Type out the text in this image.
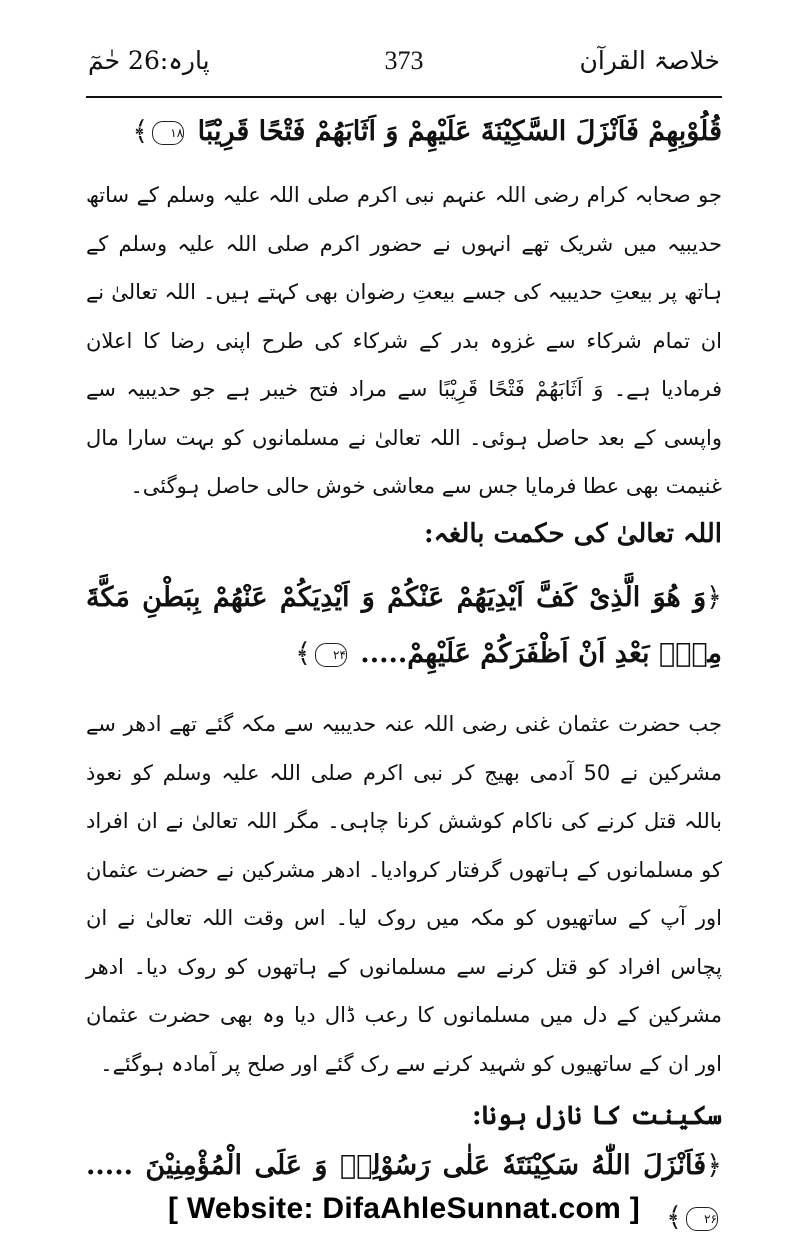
خلاصۃ القرآن
373
پارہ:26 حٰمٓ
قُلُوْبِهِمْ فَاَنْزَلَ السَّكِيْنَةَ عَلَيْهِمْ وَ اَثَابَهُمْ فَتْحًا قَرِيْبًا ۱۸﴾
جو صحابہ کرام رضی اللہ عنہم نبی اکرم صلی اللہ علیہ وسلم کے ساتھ حدیبیہ میں شریک تھے انہوں نے حضور اکرم صلی اللہ علیہ وسلم کے ہاتھ پر بیعتِ حدیبیہ کی جسے بیعتِ رضوان بھی کہتے ہیں۔ اللہ تعالیٰ نے ان تمام شرکاء سے غزوہ بدر کے شرکاء کی طرح اپنی رضا کا اعلان فرمادیا ہے۔ وَ اَثَابَهُمْ فَتْحًا قَرِيْبًا سے مراد فتح خیبر ہے جو حدیبیہ سے واپسی کے بعد حاصل ہوئی۔ اللہ تعالیٰ نے مسلمانوں کو بہت سارا مال غنیمت بھی عطا فرمایا جس سے معاشی خوش حالی حاصل ہوگئی۔
اللہ تعالیٰ کی حکمت بالغہ:
﴿وَ هُوَ الَّذِیْ كَفَّ اَیْدِیَهُمْ عَنْكُمْ وَ اَیْدِیَكُمْ عَنْهُمْ بِبَطْنِ مَكَّةَ مِنْۢ بَعْدِ اَنْ اَظْفَرَكُمْ عَلَیْهِمْ..... ۲۴﴾
جب حضرت عثمان غنی رضی اللہ عنہ حدیبیہ سے مکہ گئے تھے ادھر سے مشرکین نے 50 آدمی بھیج کر نبی اکرم صلی اللہ علیہ وسلم کو نعوذ باللہ قتل کرنے کی ناکام کوشش کرنا چاہی۔ مگر اللہ تعالیٰ نے ان افراد کو مسلمانوں کے ہاتھوں گرفتار کروادیا۔ ادھر مشرکین نے حضرت عثمان اور آپ کے ساتھیوں کو مکہ میں روک لیا۔ اس وقت اللہ تعالیٰ نے ان پچاس افراد کو قتل کرنے سے مسلمانوں کے ہاتھوں کو روک دیا۔ ادھر مشرکین کے دل میں مسلمانوں کا رعب ڈال دیا وہ بھی حضرت عثمان اور ان کے ساتھیوں کو شہید کرنے سے رک گئے اور صلح پر آمادہ ہوگئے۔
سکینت کا نازل ہونا:
﴿فَاَنْزَلَ اللّٰهُ سَكِیْنَتَهٗ عَلٰی رَسُوْلِهٖ وَ عَلَى الْمُؤْمِنِیْنَ ..... ۲۶﴾
[ Website: DifaAhleSunnat.com ]
